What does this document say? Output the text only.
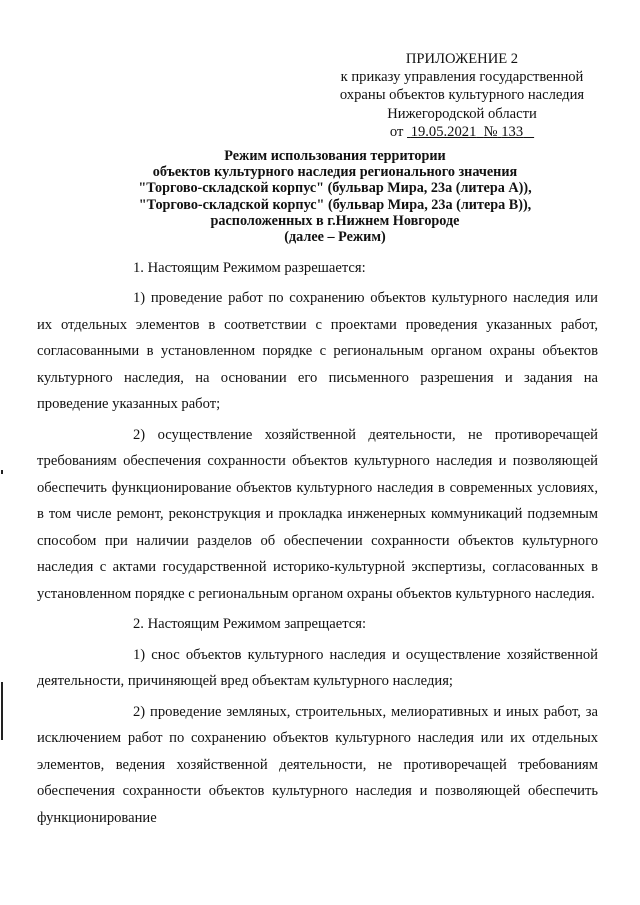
ПРИЛОЖЕНИЕ 2
к приказу управления государственной
охраны объектов культурного наследия
Нижегородской области
от 19.05.2021 № 133
Режим использования территории
объектов культурного наследия регионального значения
"Торгово-складской корпус" (бульвар Мира, 23а (литера А)),
"Торгово-складской корпус" (бульвар Мира, 23а (литера В)),
расположенных в г.Нижнем Новгороде
(далее – Режим)

1. Настоящим Режимом разрешается:

1) проведение работ по сохранению объектов культурного наследия или их отдельных элементов в соответствии с проектами проведения указанных работ, согласованными в установленном порядке с региональным органом охраны объектов культурного наследия, на основании его письменного разрешения и задания на проведение указанных работ;

2) осуществление хозяйственной деятельности, не противоречащей требованиям обеспечения сохранности объектов культурного наследия и позволяющей обеспечить функционирование объектов культурного наследия в современных условиях, в том числе ремонт, реконструкция и прокладка инженерных коммуникаций подземным способом при наличии разделов об обеспечении сохранности объектов культурного наследия с актами государственной историко-культурной экспертизы, согласованных в установленном порядке с региональным органом охраны объектов культурного наследия.

2. Настоящим Режимом запрещается:

1) снос объектов культурного наследия и осуществление хозяйственной деятельности, причиняющей вред объектам культурного наследия;

2) проведение земляных, строительных, мелиоративных и иных работ, за исключением работ по сохранению объектов культурного наследия или их отдельных элементов, ведения хозяйственной деятельности, не противоречащей требованиям обеспечения сохранности объектов культурного наследия и позволяющей обеспечить функционирование
